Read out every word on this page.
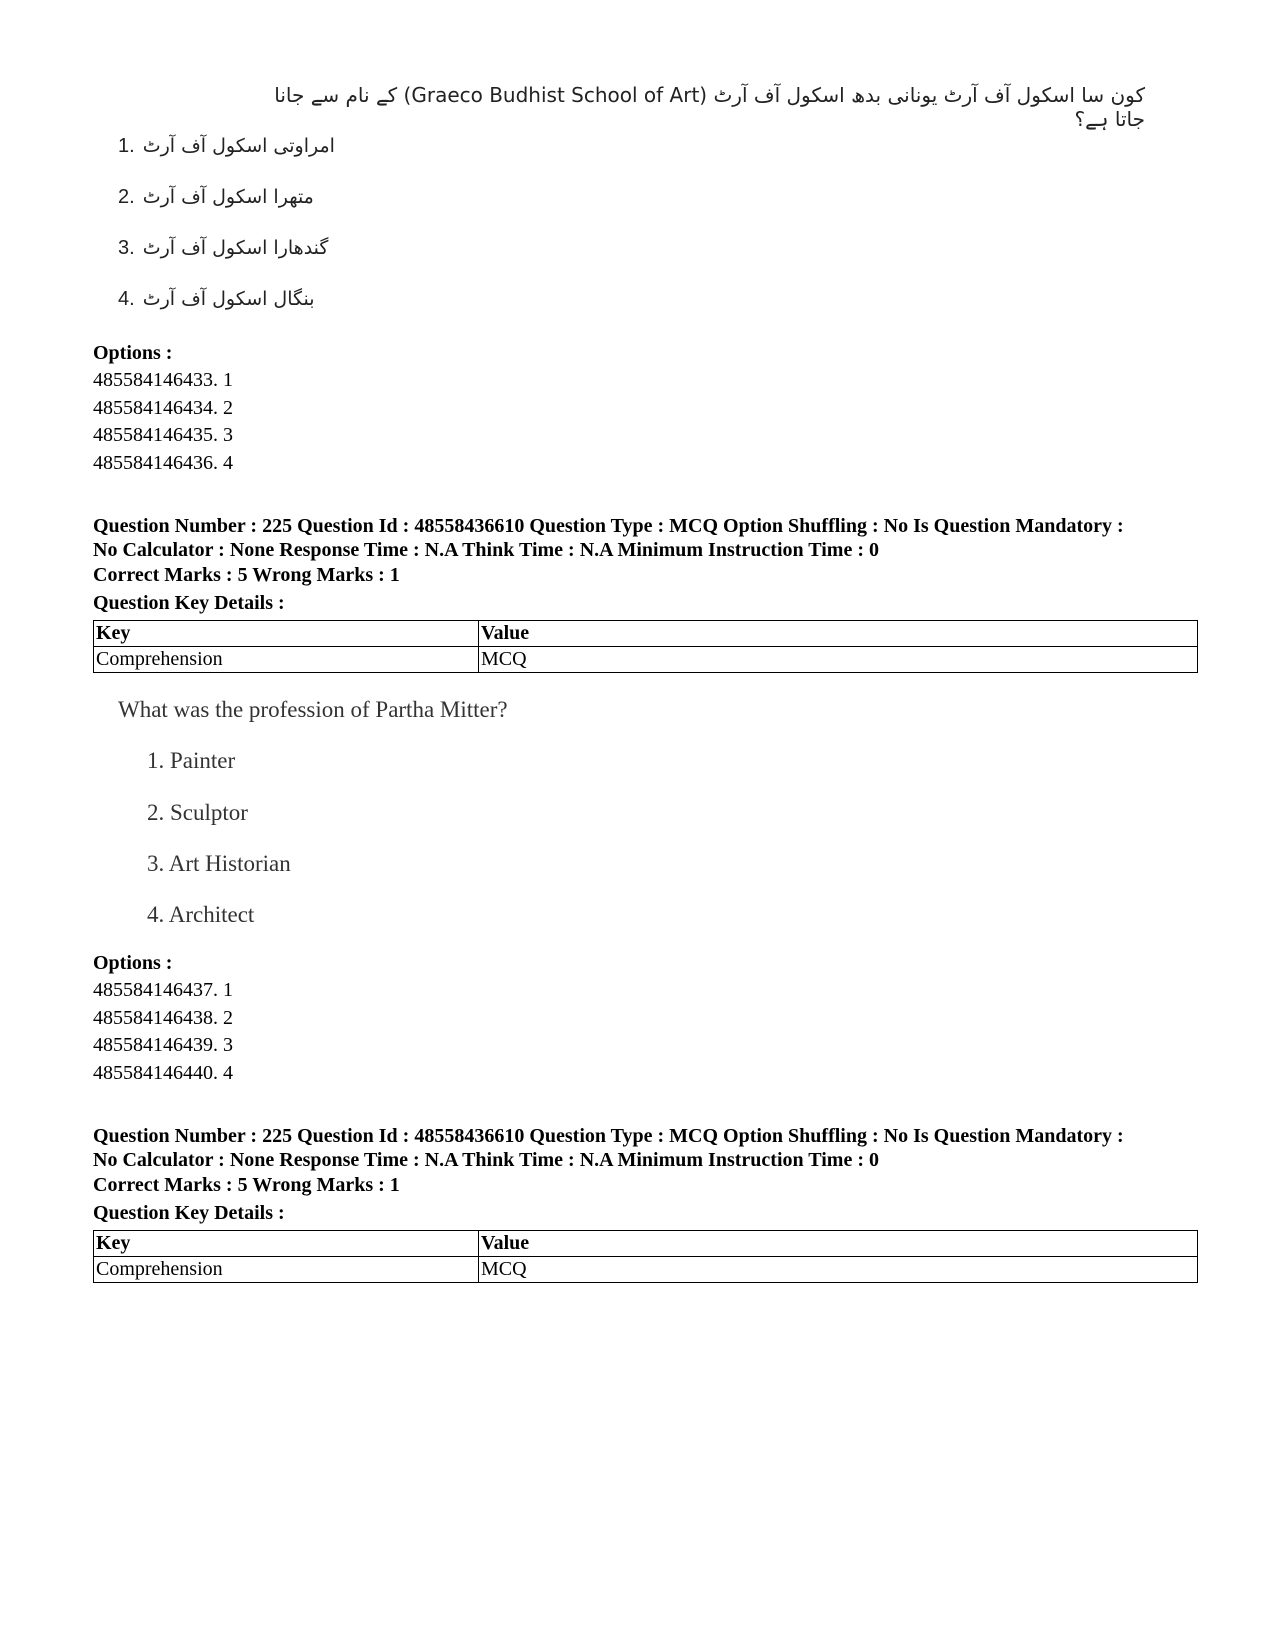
کون سا اسکول آف آرٹ یونانی بدھ اسکول آف آرٹ (Graeco Budhist School of Art) کے نام سے جانا جاتا ہے؟
1. امراوتی اسکول آف آرٹ
2. متھرا اسکول آف آرٹ
3. گندھارا اسکول آف آرٹ
4. بنگال اسکول آف آرٹ
Options :
485584146433. 1
485584146434. 2
485584146435. 3
485584146436. 4
Question Number : 225 Question Id : 48558436610 Question Type : MCQ Option Shuffling : No Is Question Mandatory :
No Calculator : None Response Time : N.A Think Time : N.A Minimum Instruction Time : 0
Correct Marks : 5 Wrong Marks : 1
Question Key Details :
Key	Value
Comprehension	MCQ
What was the profession of Partha Mitter?
1. Painter
2. Sculptor
3. Art Historian
4. Architect
Options :
485584146437. 1
485584146438. 2
485584146439. 3
485584146440. 4
Question Number : 225 Question Id : 48558436610 Question Type : MCQ Option Shuffling : No Is Question Mandatory :
No Calculator : None Response Time : N.A Think Time : N.A Minimum Instruction Time : 0
Correct Marks : 5 Wrong Marks : 1
Question Key Details :
Key	Value
Comprehension	MCQ
